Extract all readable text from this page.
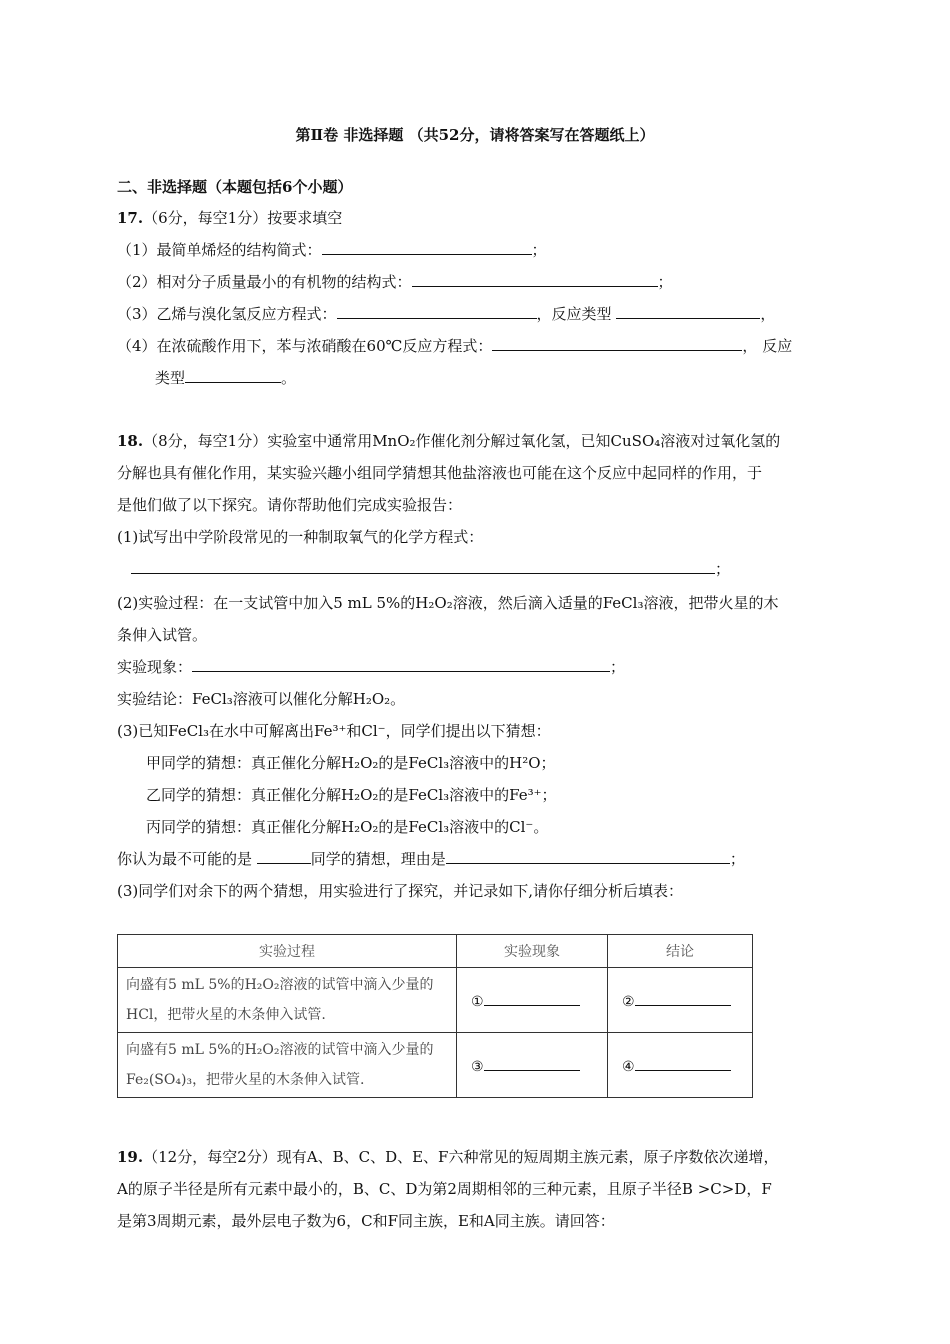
第Ⅱ卷 非选择题 （共52分，请将答案写在答题纸上）
二、非选择题（本题包括6个小题）
17.（6分，每空1分）按要求填空
（1）最简单烯烃的结构简式：	；
（2）相对分子质量最小的有机物的结构式：	；
（3）乙烯与溴化氢反应方程式：	，反应类型	，
（4）在浓硫酸作用下，苯与浓硝酸在60℃反应方程式：	， 反应
类型	。
18.（8分，每空1分）实验室中通常用MnO₂作催化剂分解过氧化氢，已知CuSO₄溶液对过氧化氢的
分解也具有催化作用，某实验兴趣小组同学猜想其他盐溶液也可能在这个反应中起同样的作用，于
是他们做了以下探究。请你帮助他们完成实验报告：
(1)试写出中学阶段常见的一种制取氧气的化学方程式：
；
(2)实验过程：在一支试管中加入5 mL 5%的H₂O₂溶液，然后滴入适量的FeCl₃溶液，把带火星的木
条伸入试管。
实验现象：	；
实验结论：FeCl₃溶液可以催化分解H₂O₂。
(3)已知FeCl₃在水中可解离出Fe³⁺和Cl⁻，同学们提出以下猜想：
甲同学的猜想：真正催化分解H₂O₂的是FeCl₃溶液中的H²O；
乙同学的猜想：真正催化分解H₂O₂的是FeCl₃溶液中的Fe³⁺；
丙同学的猜想：真正催化分解H₂O₂的是FeCl₃溶液中的Cl⁻。
你认为最不可能的是	同学的猜想，理由是	；
(3)同学们对余下的两个猜想，用实验进行了探究，并记录如下,请你仔细分析后填表：
实验过程	实验现象	结论
向盛有5 mL 5%的H₂O₂溶液的试管中滴入少量的 HCl，把带火星的木条伸入试管.	①	②
向盛有5 mL 5%的H₂O₂溶液的试管中滴入少量的Fe₂(SO₄)₃，把带火星的木条伸入试管.	③	④
19.（12分，每空2分）现有A、B、C、D、E、F六种常见的短周期主族元素，原子序数依次递增，
A的原子半径是所有元素中最小的，B、C、D为第2周期相邻的三种元素，且原子半径B >C>D，F
是第3周期元素，最外层电子数为6，C和F同主族，E和A同主族。请回答：
